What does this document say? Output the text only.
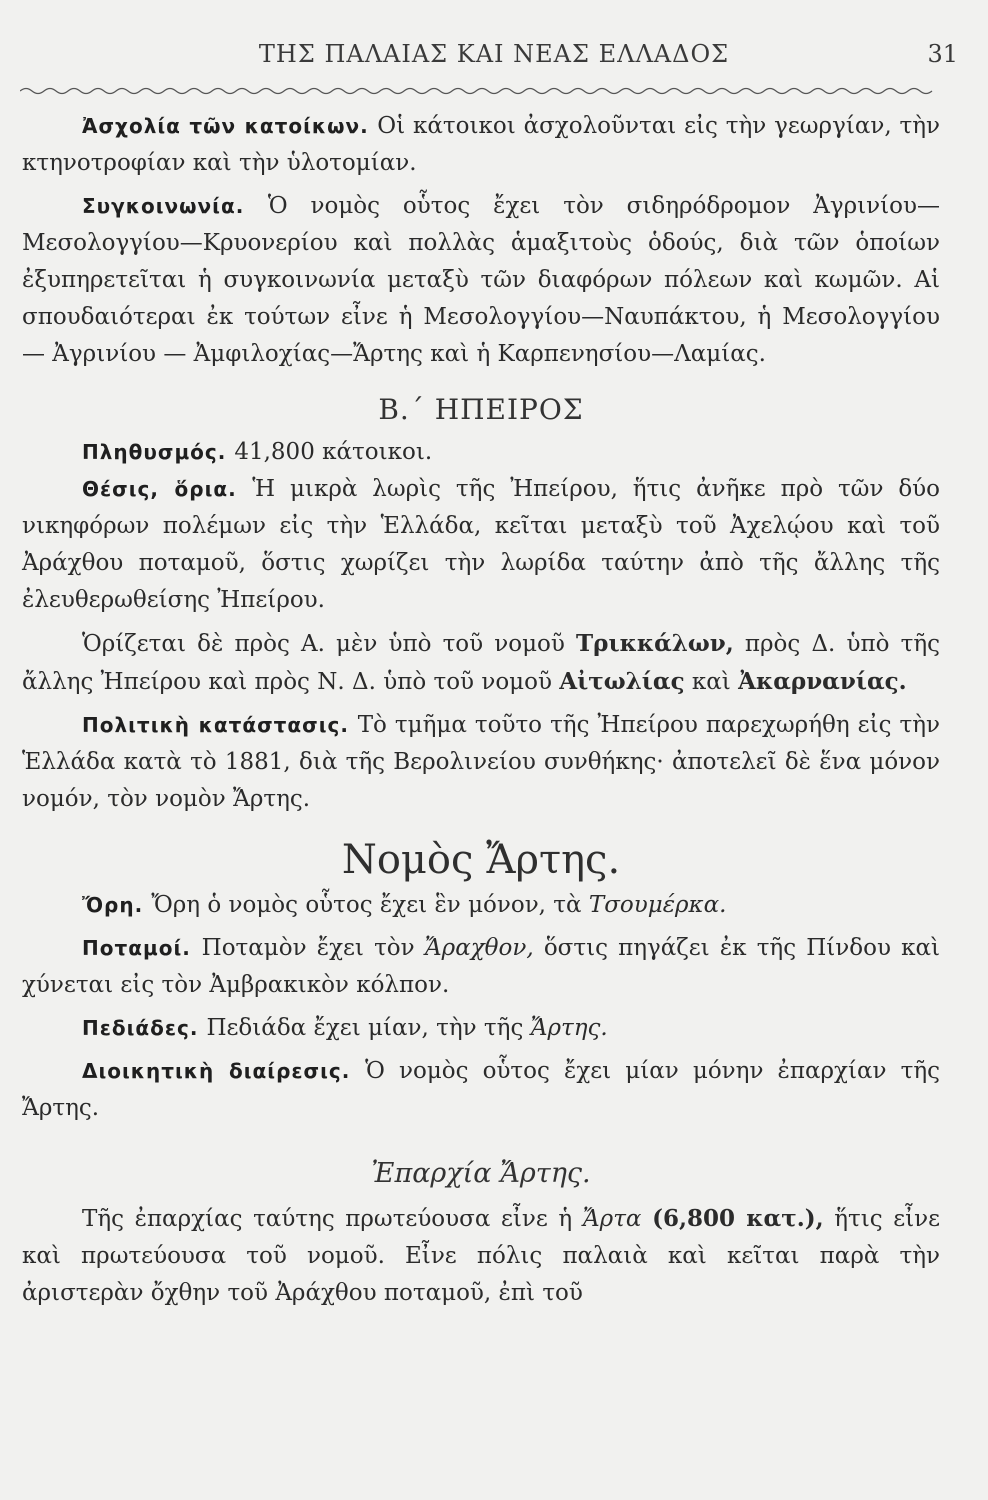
ΤΗΣ ΠΑΛΑΙΑΣ ΚΑΙ ΝΕΑΣ ΕΛΛΑΔΟΣ	31

Ἀσχολία τῶν κατοίκων. Οἱ κάτοικοι ἀσχολοῦνται εἰς τὴν γεωργίαν, τὴν κτηνοτροφίαν καὶ τὴν ὑλοτομίαν.

Συγκοινωνία. Ὁ νομὸς οὗτος ἔχει τὸν σιδηρόδρομον Ἀγρινίου—Μεσολογγίου—Κρυονερίου καὶ πολλὰς ἁμαξιτοὺς ὁδούς, διὰ τῶν ὁποίων ἐξυπηρετεῖται ἡ συγκοινωνία μεταξὺ τῶν διαφόρων πόλεων καὶ κωμῶν. Αἱ σπουδαιότεραι ἐκ τούτων εἶνε ἡ Μεσολογγίου—Ναυπάκτου, ἡ Μεσολογγίου — Ἀγρινίου — Ἀμφιλοχίας—Ἄρτης καὶ ἡ Καρπενησίου—Λαμίας.

Β.΄ ΗΠΕΙΡΟΣ

Πληθυσμός. 41,800 κάτοικοι.

Θέσις, ὅρια. Ἡ μικρὰ λωρὶς τῆς Ἠπείρου, ἥτις ἀνῆκε πρὸ τῶν δύο νικηφόρων πολέμων εἰς τὴν Ἑλλάδα, κεῖται μεταξὺ τοῦ Ἀχελῴου καὶ τοῦ Ἀράχθου ποταμοῦ, ὅστις χωρίζει τὴν λωρίδα ταύτην ἀπὸ τῆς ἄλλης τῆς ἐλευθερωθείσης Ἠπείρου.

Ὁρίζεται δὲ πρὸς Α. μὲν ὑπὸ τοῦ νομοῦ Τρικκάλων, πρὸς Δ. ὑπὸ τῆς ἄλλης Ἠπείρου καὶ πρὸς Ν. Δ. ὑπὸ τοῦ νομοῦ Αἰτωλίας καὶ Ἀκαρνανίας.

Πολιτικὴ κατάστασις. Τὸ τμῆμα τοῦτο τῆς Ἠπείρου παρεχωρήθη εἰς τὴν Ἑλλάδα κατὰ τὸ 1881, διὰ τῆς Βερολινείου συνθήκης· ἀποτελεῖ δὲ ἕνα μόνον νομόν, τὸν νομὸν Ἄρτης.

Νομὸς Ἄρτης.

Ὄρη. Ὄρη ὁ νομὸς οὗτος ἔχει ἓν μόνον, τὰ Τσουμέρκα.

Ποταμοί. Ποταμὸν ἔχει τὸν Ἄραχθον, ὅστις πηγάζει ἐκ τῆς Πίνδου καὶ χύνεται εἰς τὸν Ἀμβρακικὸν κόλπον.

Πεδιάδες. Πεδιάδα ἔχει μίαν, τὴν τῆς Ἄρτης.

Διοικητικὴ διαίρεσις. Ὁ νομὸς οὗτος ἔχει μίαν μόνην ἐπαρχίαν τῆς Ἄρτης.

Ἐπαρχία Ἄρτης.

Τῆς ἐπαρχίας ταύτης πρωτεύουσα εἶνε ἡ Ἄρτα (6,800 κατ.), ἥτις εἶνε καὶ πρωτεύουσα τοῦ νομοῦ. Εἶνε πόλις παλαιὰ καὶ κεῖται παρὰ τὴν ἀριστερὰν ὄχθην τοῦ Ἀράχθου ποταμοῦ, ἐπὶ τοῦ
